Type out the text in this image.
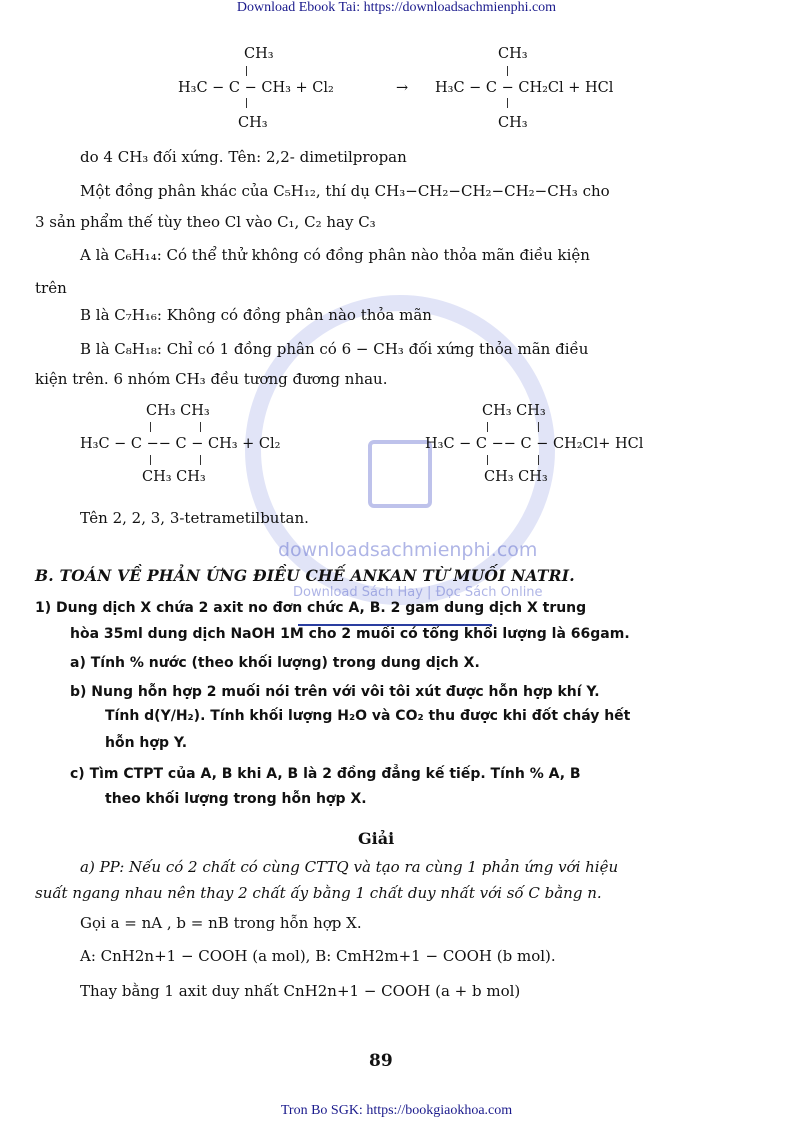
Download Ebook Tai: https://downloadsachmienphi.com
Tron Bo SGK: https://bookgiaokhoa.com
downloadsachmienphi.com
Download Sách Hay | Đọc Sách Online
CH₃
H₃C − C − CH₃ + Cl₂
CH₃
→
CH₃
H₃C − C − CH₂Cl + HCl
CH₃
do 4 CH₃ đối xứng. Tên: 2,2- dimetilpropan
Một đồng phân khác của C₅H₁₂, thí dụ CH₃−CH₂−CH₂−CH₂−CH₃ cho
3 sản phẩm thế tùy theo Cl vào C₁, C₂ hay C₃
A là C₆H₁₄: Có thể thử không có đồng phân nào thỏa mãn điều kiện
trên
B là C₇H₁₆: Không có đồng phân nào thỏa mãn
B là C₈H₁₈: Chỉ có 1 đồng phân có 6 − CH₃ đối xứng thỏa mãn điều
kiện trên. 6 nhóm CH₃ đều tương đương nhau.
CH₃ CH₃
H₃C − C −− C − CH₃ + Cl₂
CH₃ CH₃
CH₃ CH₃
H₃C − C −− C − CH₂Cl+ HCl
CH₃ CH₃
Tên 2, 2, 3, 3-tetrametilbutan.
B. TOÁN VỀ PHẢN ỨNG ĐIỀU CHẾ ANKAN TỪ MUỐI NATRI.
1) Dung dịch X chứa 2 axit no đơn chức A, B. 2 gam dung dịch X trung
hòa 35ml dung dịch NaOH 1M cho 2 muối có tổng khối lượng là 66gam.
a) Tính % nước (theo khối lượng) trong dung dịch X.
b) Nung hỗn hợp 2 muối nói trên với vôi tôi xút được hỗn hợp khí Y.
Tính d(Y/H₂). Tính khối lượng H₂O và CO₂ thu được khi đốt cháy hết
hỗn hợp Y.
c) Tìm CTPT của A, B khi A, B là 2 đồng đẳng kế tiếp. Tính % A, B
theo khối lượng trong hỗn hợp X.
Giải
a) PP: Nếu có 2 chất có cùng CTTQ và tạo ra cùng 1 phản ứng với hiệu
suất ngang nhau nên thay 2 chất ấy bằng 1 chất duy nhất với số C bằng n.
Gọi a = nA , b = nB trong hỗn hợp X.
A: CnH2n+1 − COOH (a mol), B: CmH2m+1 − COOH (b mol).
Thay bằng 1 axit duy nhất CnH2n+1 − COOH (a + b mol)
89
